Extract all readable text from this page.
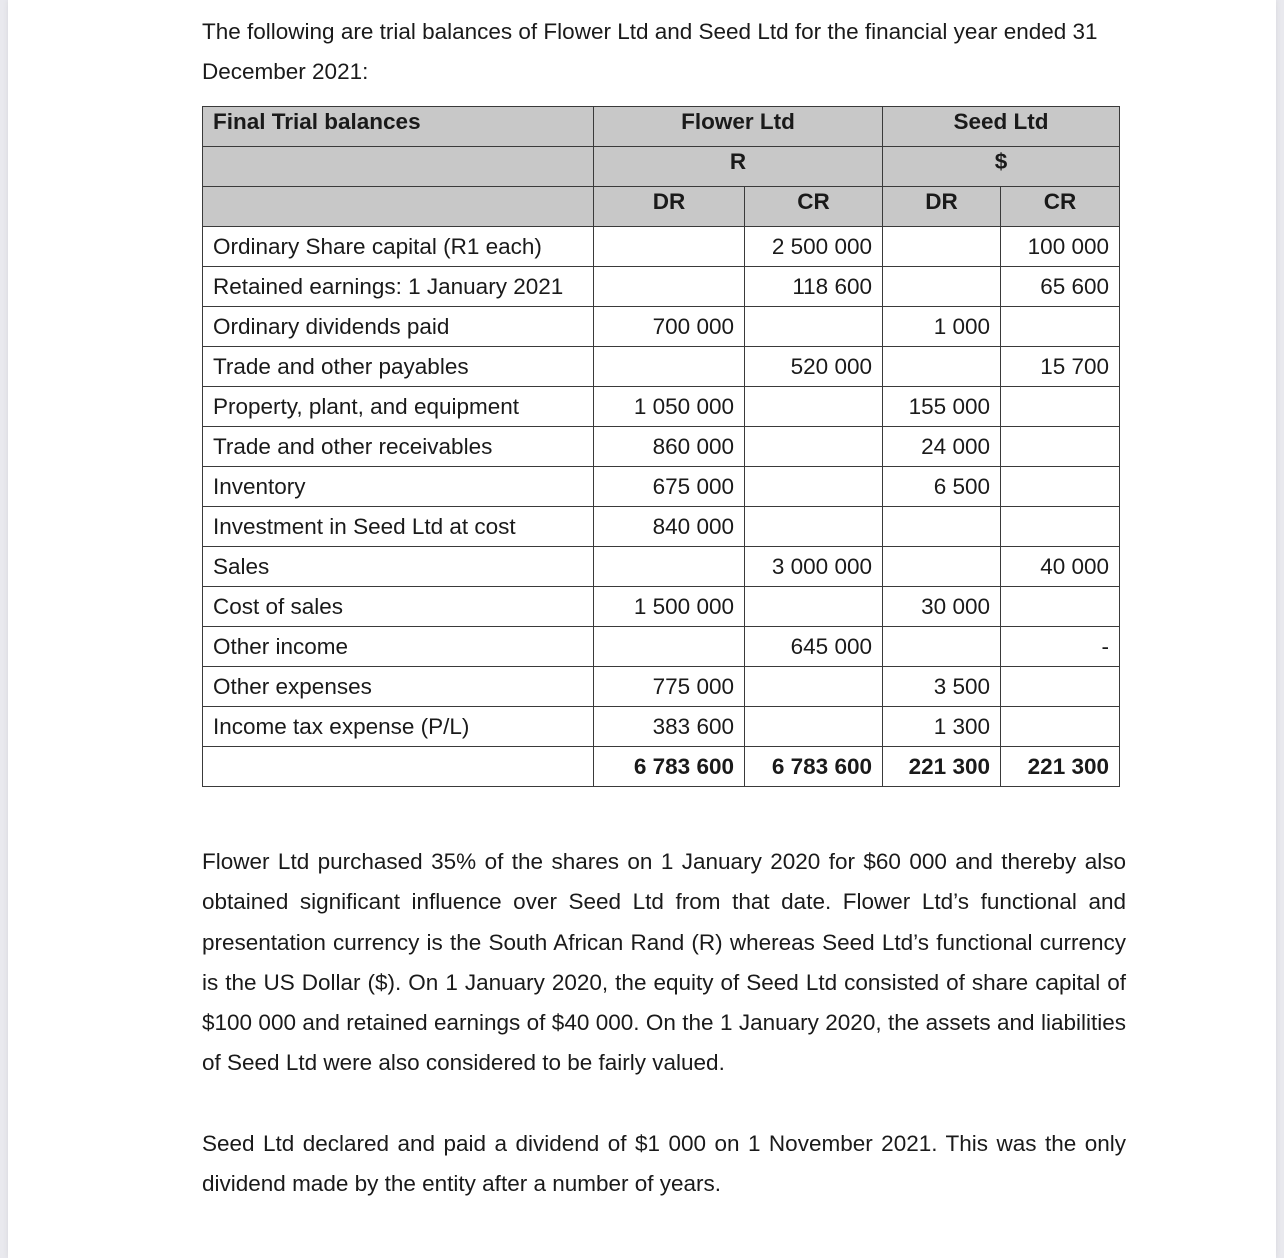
The following are trial balances of Flower Ltd and Seed Ltd for the financial year ended 31 December 2021:

Final Trial balances	Flower Ltd		Seed Ltd	
	R		$	
	DR	CR	DR	CR
Ordinary Share capital (R1 each)		2 500 000		100 000
Retained earnings: 1 January 2021		118 600		65 600
Ordinary dividends paid	700 000		1 000	
Trade and other payables		520 000		15 700
Property, plant, and equipment	1 050 000		155 000	
Trade and other receivables	860 000		24 000	
Inventory	675 000		6 500	
Investment in Seed Ltd at cost	840 000			
Sales		3 000 000		40 000
Cost of sales	1 500 000		30 000	
Other income		645 000		-
Other expenses	775 000		3 500	
Income tax expense (P/L)	383 600		1 300	
	6 783 600	6 783 600	221 300	221 300

Flower Ltd purchased 35% of the shares on 1 January 2020 for $60 000 and thereby also obtained significant influence over Seed Ltd from that date. Flower Ltd’s functional and presentation currency is the South African Rand (R) whereas Seed Ltd’s functional currency is the US Dollar ($). On 1 January 2020, the equity of Seed Ltd consisted of share capital of $100 000 and retained earnings of $40 000. On the 1 January 2020, the assets and liabilities of Seed Ltd were also considered to be fairly valued.

Seed Ltd declared and paid a dividend of $1 000 on 1 November 2021. This was the only dividend made by the entity after a number of years.
